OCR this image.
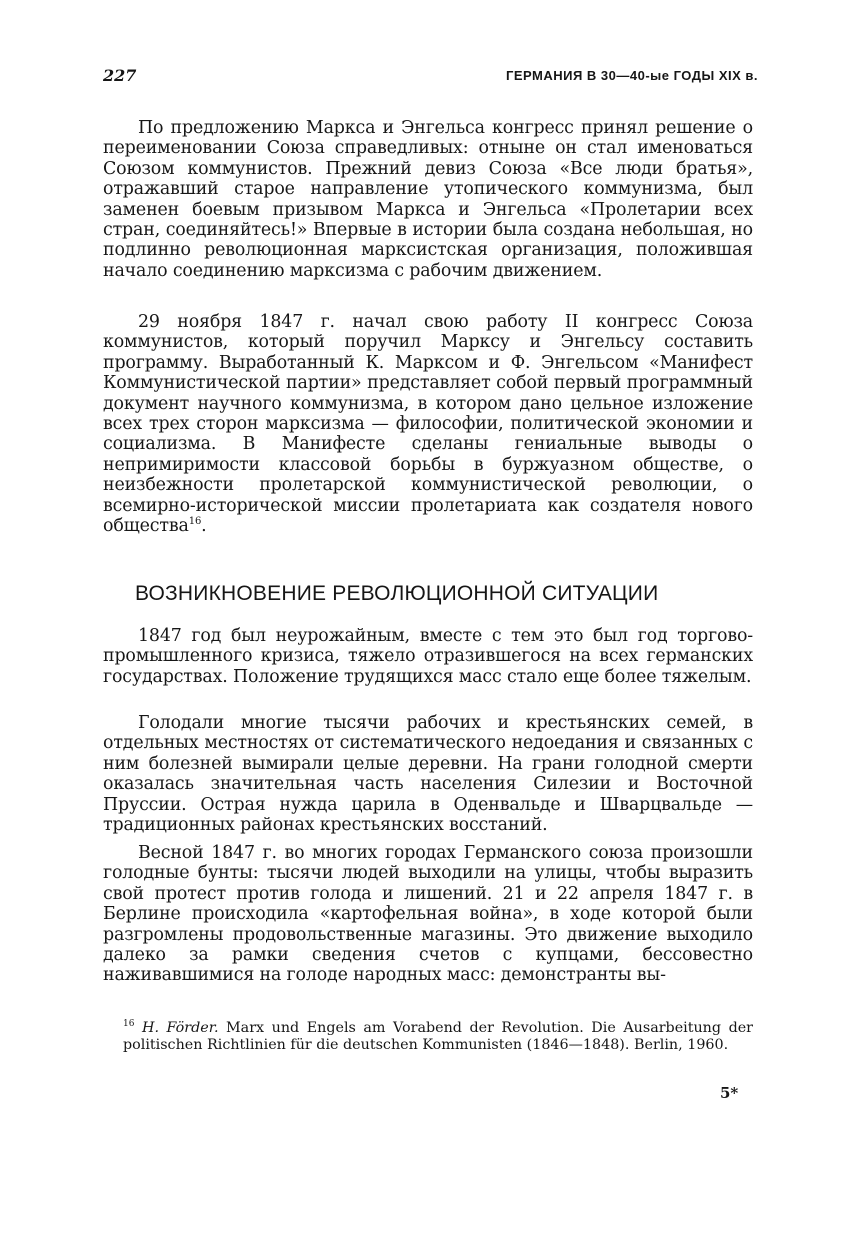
227	ГЕРМАНИЯ В 30—40-ые ГОДЫ XIX в.

По предложению Маркса и Энгельса конгресс принял решение о переименовании Союза справедливых: отныне он стал именоваться Союзом коммунистов. Прежний девиз Союза «Все люди братья», отражавший старое направление утопического коммунизма, был заменен боевым призывом Маркса и Энгельса «Пролетарии всех стран, соединяйтесь!» Впервые в истории была создана небольшая, но подлинно революционная марксистская организация, положившая начало соединению марксизма с рабочим движением.

29 ноября 1847 г. начал свою работу II конгресс Союза коммунистов, который поручил Марксу и Энгельсу составить программу. Выработанный К. Марксом и Ф. Энгельсом «Манифест Коммунистической партии» представляет собой первый программный документ научного коммунизма, в котором дано цельное изложение всех трех сторон марксизма — философии, политической экономии и социализма. В Манифесте сделаны гениальные выводы о непримиримости классовой борьбы в буржуазном обществе, о неизбежности пролетарской коммунистической революции, о всемирно-исторической миссии пролетариата как создателя нового общества$^{16}$.

ВОЗНИКНОВЕНИЕ РЕВОЛЮЦИОННОЙ СИТУАЦИИ

1847 год был неурожайным, вместе с тем это был год торгово-промышленного кризиса, тяжело отразившегося на всех германских государствах. Положение трудящихся масс стало еще более тяжелым.

Голодали многие тысячи рабочих и крестьянских семей, в отдельных местностях от систематического недоедания и связанных с ним болезней вымирали целые деревни. На грани голодной смерти оказалась значительная часть населения Силезии и Восточной Пруссии. Острая нужда царила в Оденвальде и Шварцвальде — традиционных районах крестьянских восстаний.

Весной 1847 г. во многих городах Германского союза произошли голодные бунты: тысячи людей выходили на улицы, чтобы выразить свой протест против голода и лишений. 21 и 22 апреля 1847 г. в Берлине происходила «картофельная война», в ходе которой были разгромлены продовольственные магазины. Это движение выходило далеко за рамки сведения счетов с купцами, бессовестно наживавшимися на голоде народных масс: демонстранты вы-

$^{16}$ H. Förder. Marx und Engels am Vorabend der Revolution. Die Ausarbeitung der politischen Richtlinien für die deutschen Kommunisten (1846—1848). Berlin, 1960.

5*
